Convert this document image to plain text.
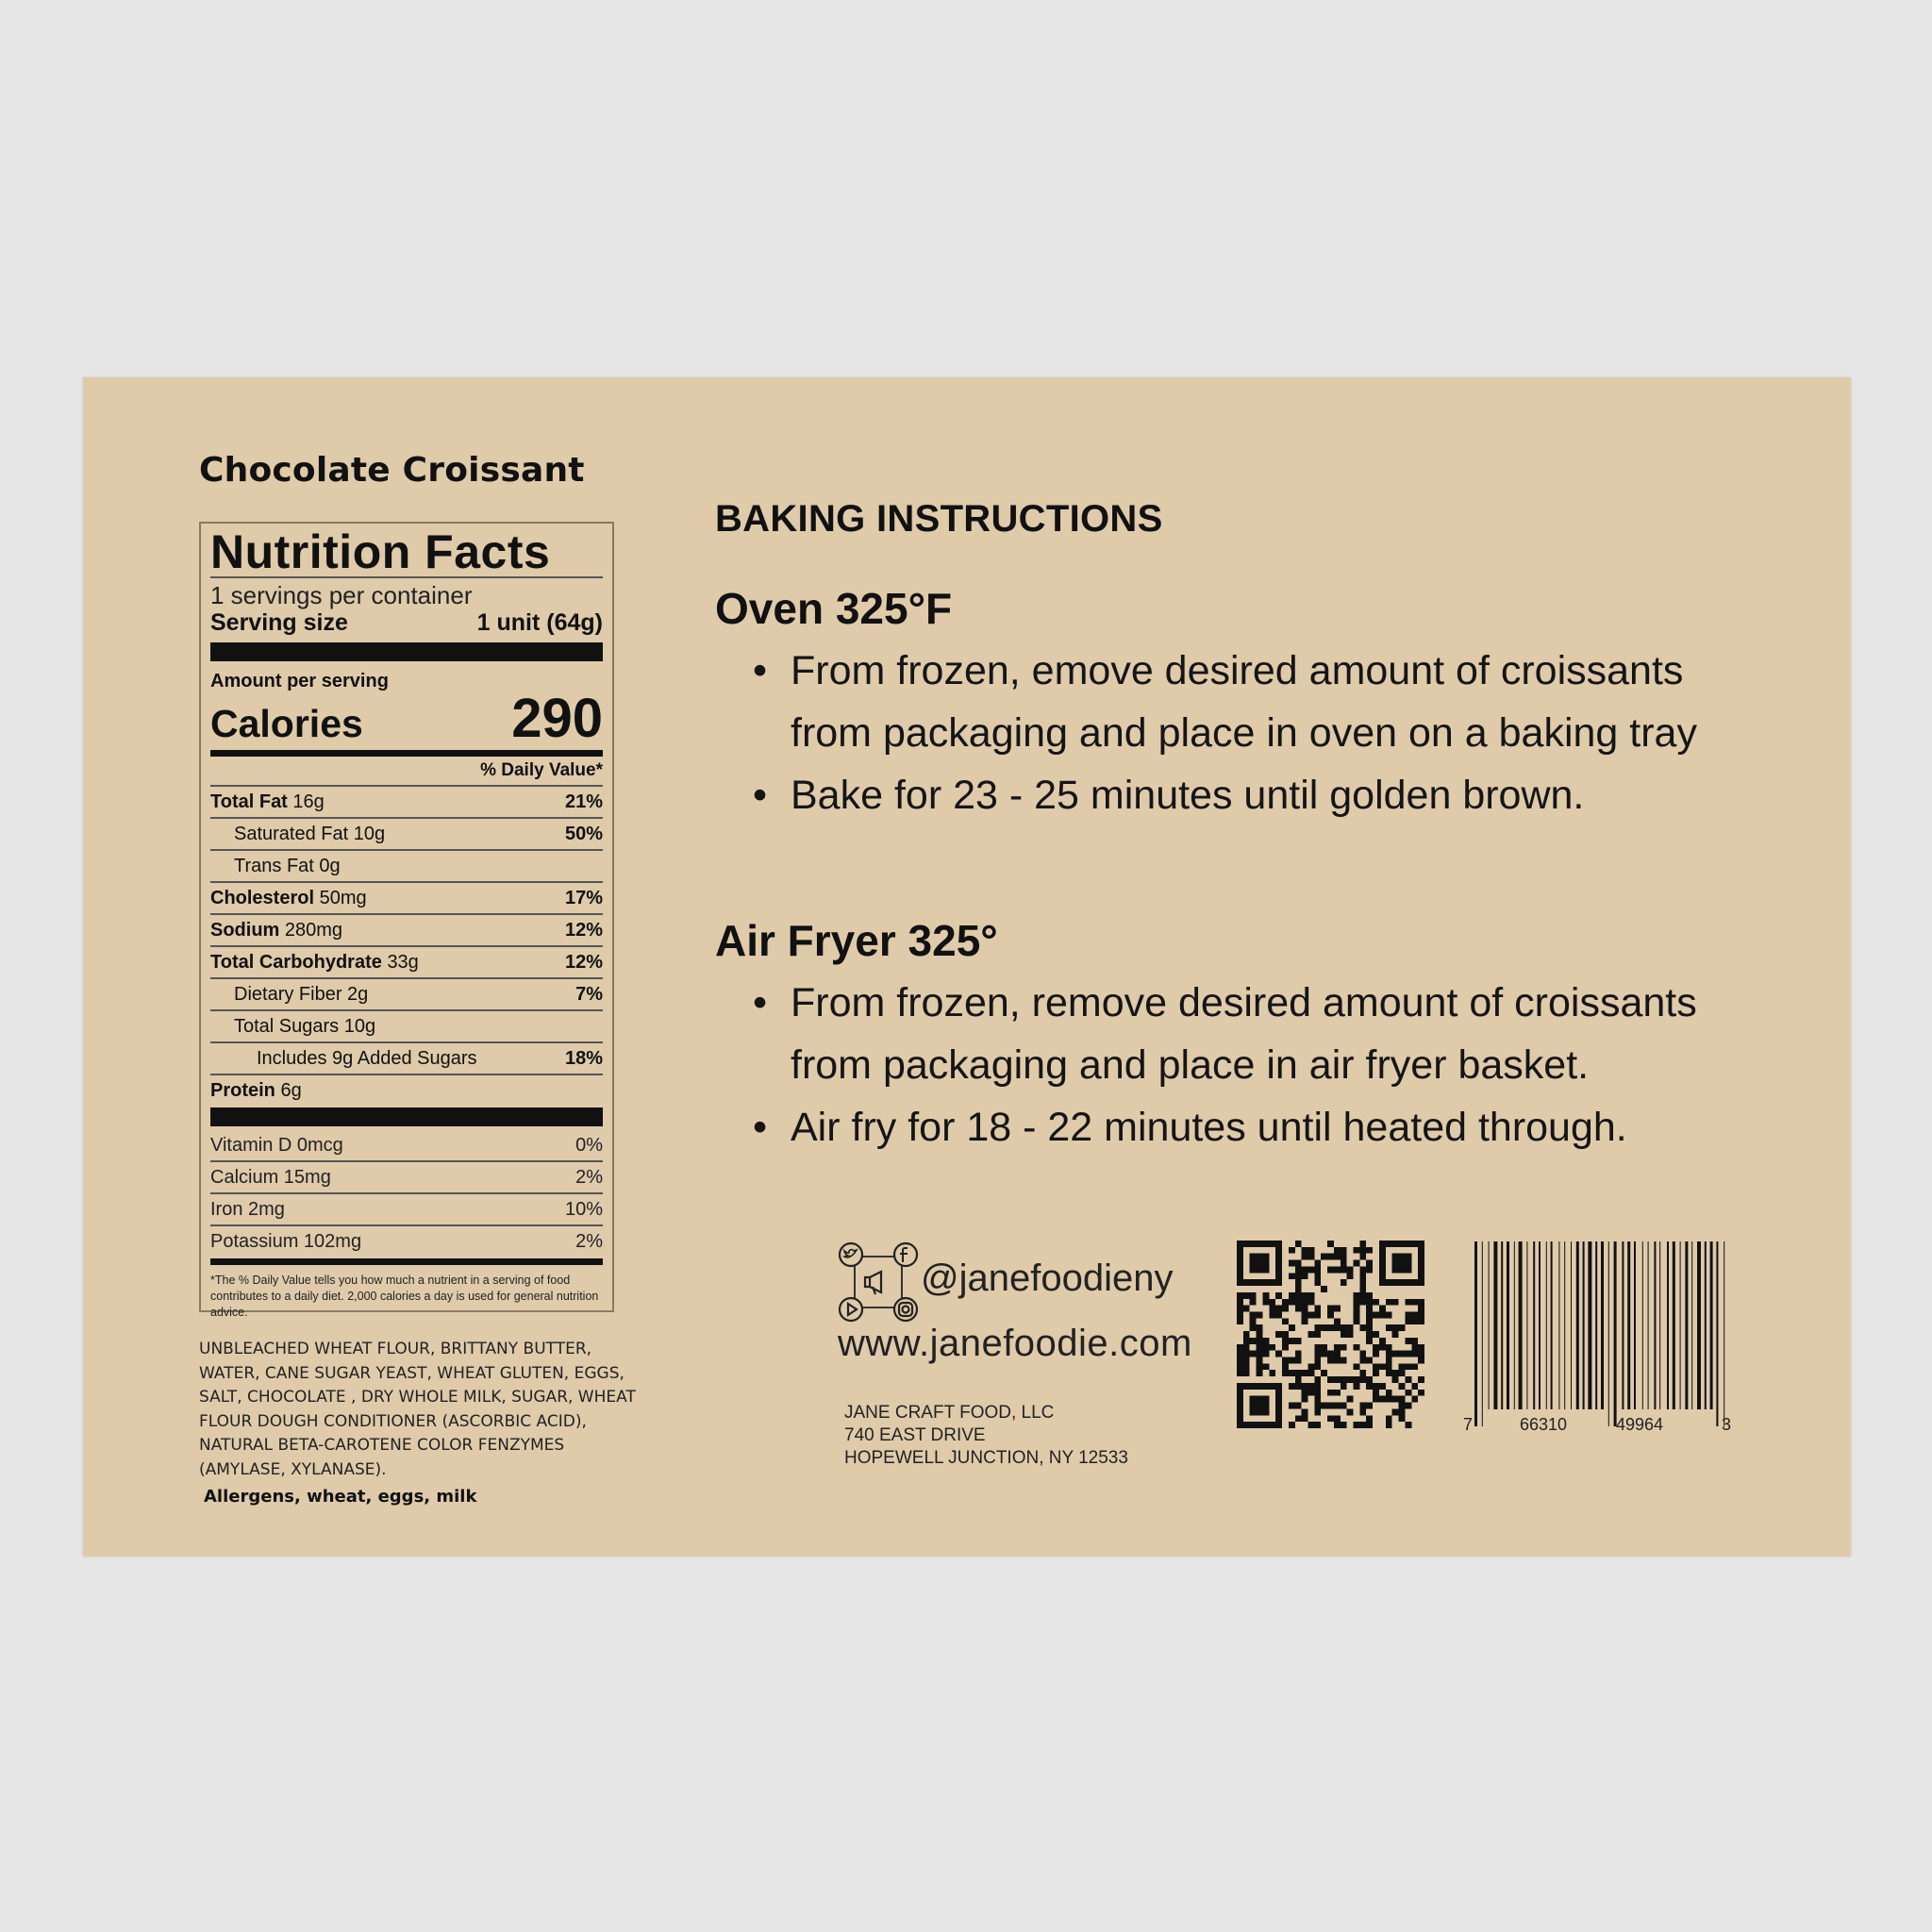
Chocolate Croissant
Nutrition Facts
1 servings per container
Serving size	1 unit (64g)
Amount per serving
Calories	290
% Daily Value*
Total Fat 16g	21%
Saturated Fat 10g	50%
Trans Fat 0g
Cholesterol 50mg	17%
Sodium 280mg	12%
Total Carbohydrate 33g	12%
Dietary Fiber 2g	7%
Total Sugars 10g
Includes 9g Added Sugars	18%
Protein 6g
Vitamin D 0mcg	0%
Calcium 15mg	2%
Iron 2mg	10%
Potassium 102mg	2%
*The % Daily Value tells you how much a nutrient in a serving of food contributes to a daily diet. 2,000 calories a day is used for general nutrition advice.
UNBLEACHED WHEAT FLOUR, BRITTANY BUTTER, WATER, CANE SUGAR YEAST, WHEAT GLUTEN, EGGS, SALT, CHOCOLATE , DRY WHOLE MILK, SUGAR, WHEAT FLOUR DOUGH CONDITIONER (ASCORBIC ACID), NATURAL BETA-CAROTENE COLOR FENZYMES (AMYLASE, XYLANASE).
Allergens, wheat, eggs, milk
BAKING INSTRUCTIONS
Oven 325°F
• From frozen, emove desired amount of croissants from packaging and place in oven on a baking tray
• Bake for 23 - 25 minutes until golden brown.
Air Fryer 325°
• From frozen, remove desired amount of croissants from packaging and place in air fryer basket.
• Air fry for 18 - 22 minutes until heated through.
@janefoodieny
www.janefoodie.com
JANE CRAFT FOOD, LLC
740 EAST DRIVE
HOPEWELL JUNCTION, NY 12533
7	66310	49964	3
